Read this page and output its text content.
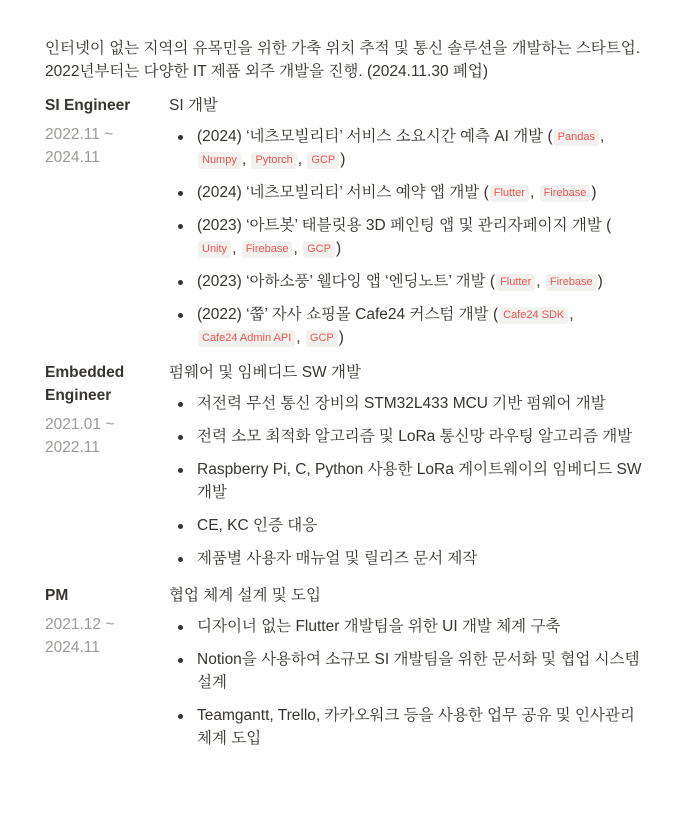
인터넷이 없는 지역의 유목민을 위한 가축 위치 추적 및 통신 솔루션을 개발하는 스타트업.
2022년부터는 다양한 IT 제품 외주 개발을 진행. (2024.11.30 폐업)
SI Engineer
2022.11 ~
2024.11
SI 개발
(2024) ‘네츠모빌리티’ 서비스 소요시간 예측 AI 개발 ( Pandas , Numpy , Pytorch , GCP )
(2024) ‘네츠모빌리티’ 서비스 예약 앱 개발 ( Flutter , Firebase )
(2023) ‘아트봇’ 태블릿용 3D 페인팅 앱 및 관리자페이지 개발 (Unity , Firebase , GCP )
(2023) ‘아하소풍’ 웰다잉 앱 ‘엔딩노트’ 개발 ( Flutter , Firebase )
(2022) ‘쭙’ 자사 쇼핑몰 Cafe24 커스텀 개발 ( Cafe24 SDK , Cafe24 Admin API , GCP )
Embedded
Engineer
2021.01 ~
2022.11
펌웨어 및 임베디드 SW 개발
저전력 무선 통신 장비의 STM32L433 MCU 기반 펌웨어 개발
전력 소모 최적화 알고리즘 및 LoRa 통신망 라우팅 알고리즘 개발
Raspberry Pi, C, Python 사용한 LoRa 게이트웨이의 임베디드 SW 개발
CE, KC 인증 대응
제품별 사용자 매뉴얼 및 릴리즈 문서 제작
PM
2021.12 ~
2024.11
협업 체계 설계 및 도입
디자이너 없는 Flutter 개발팀을 위한 UI 개발 체계 구축
Notion을 사용하여 소규모 SI 개발팀을 위한 문서화 및 협업 시스템 설계
Teamgantt, Trello, 카카오워크 등을 사용한 업무 공유 및 인사관리 체계 도입
